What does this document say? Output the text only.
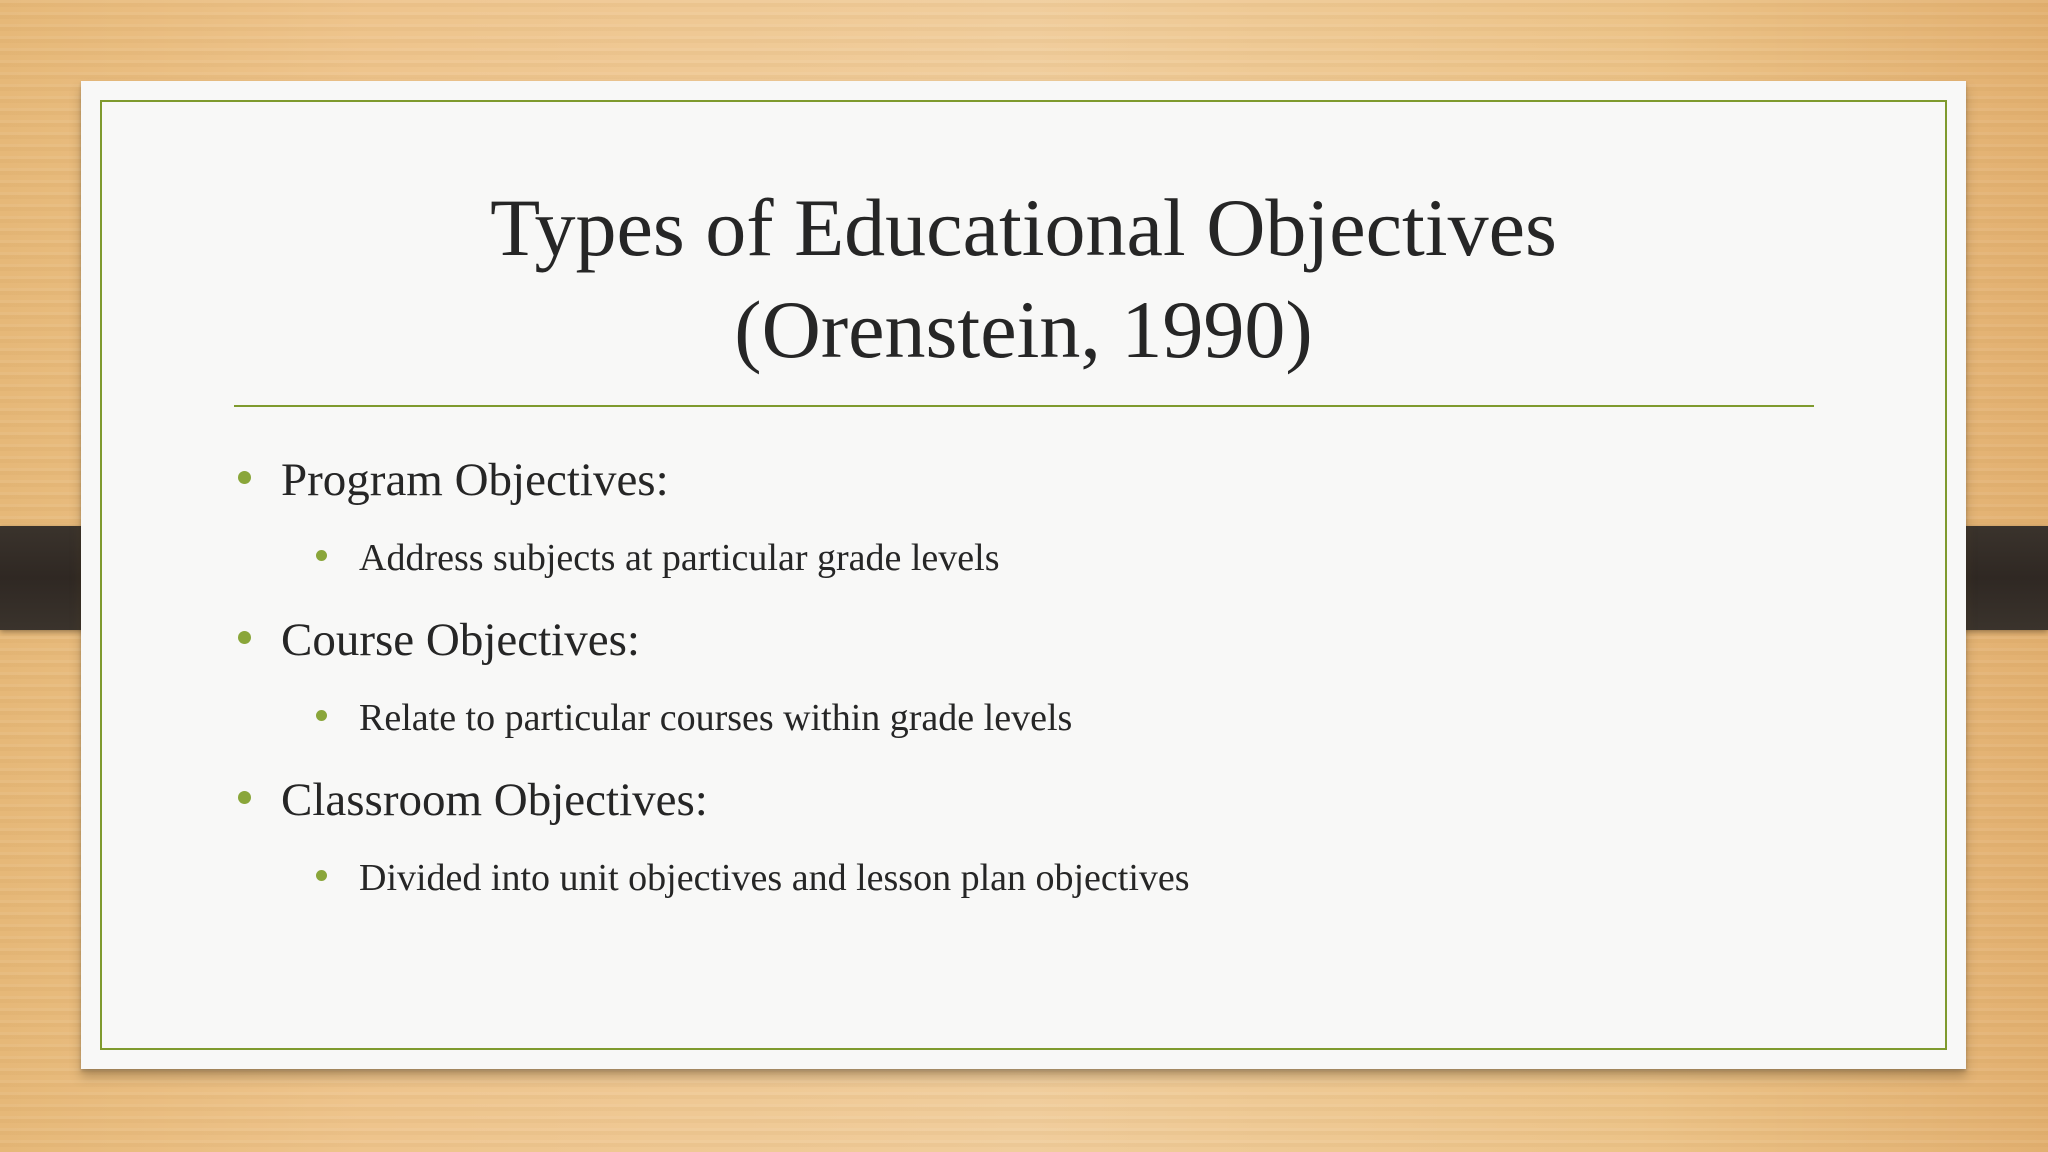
Types of Educational Objectives
(Orenstein, 1990)
Program Objectives:
Address subjects at particular grade levels
Course Objectives:
Relate to particular courses within grade levels
Classroom Objectives:
Divided into unit objectives and lesson plan objectives
